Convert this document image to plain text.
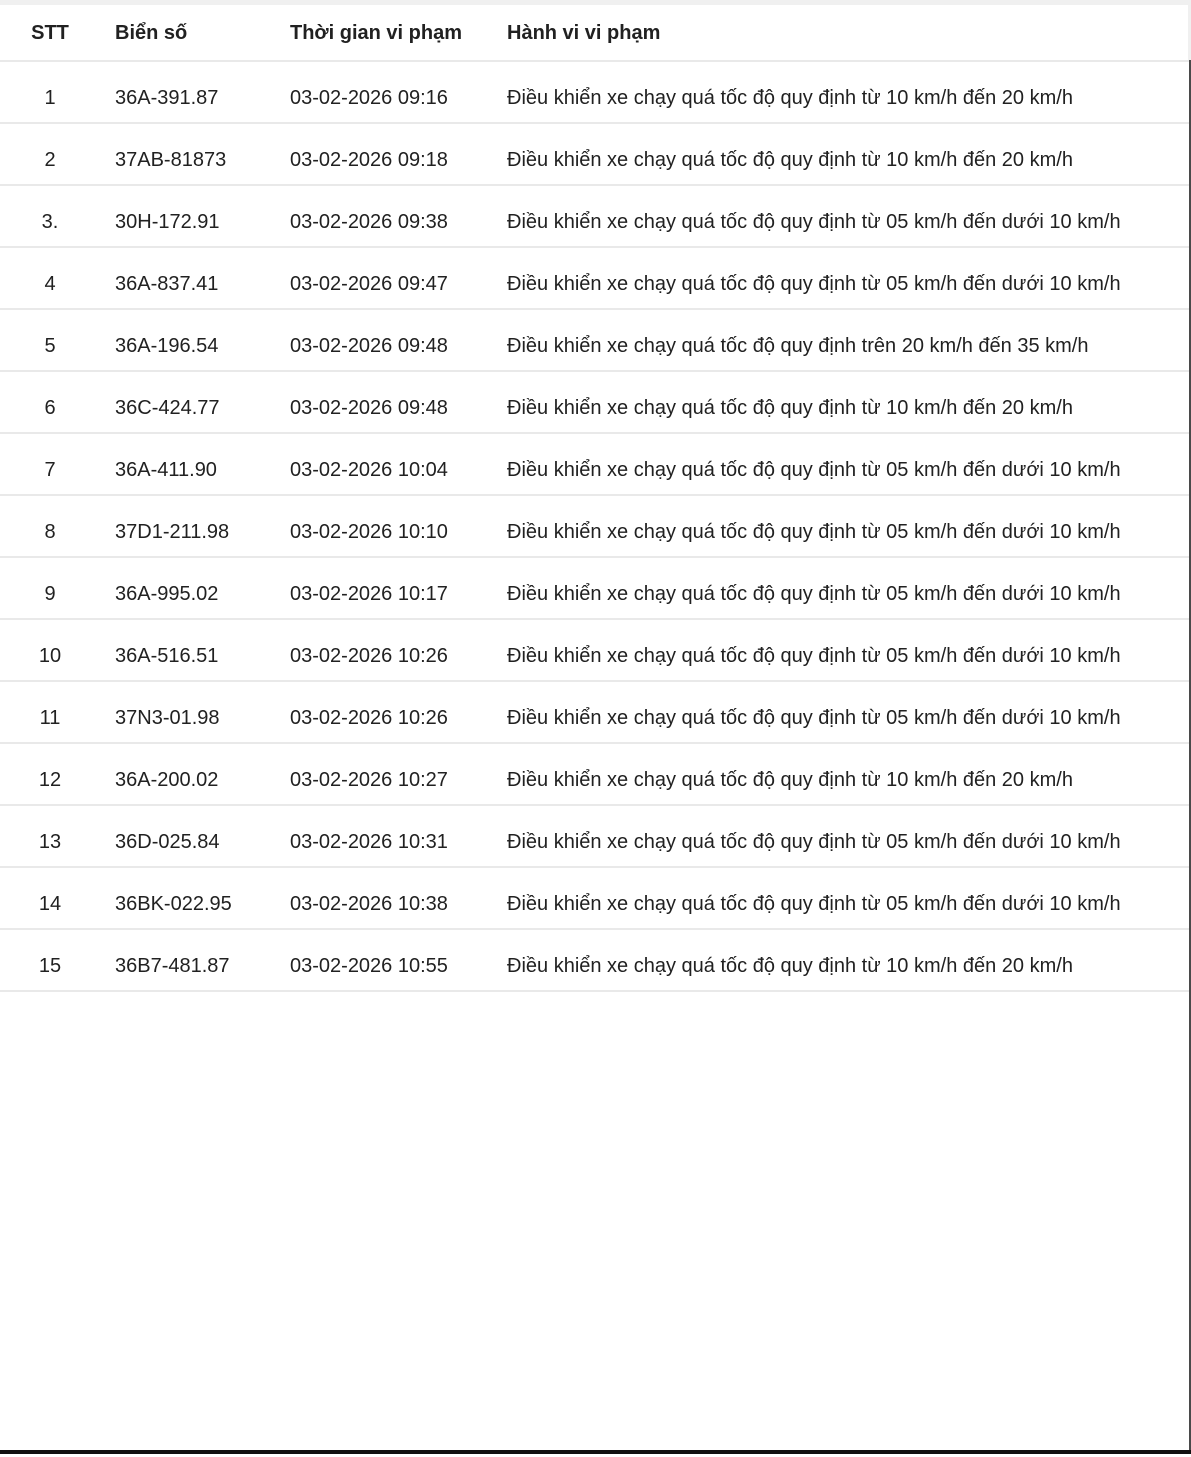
STT	Biển số	Thời gian vi phạm	Hành vi vi phạm
1	36A-391.87	03-02-2026 09:16	Điều khiển xe chạy quá tốc độ quy định từ 10 km/h đến 20 km/h
2	37AB-81873	03-02-2026 09:18	Điều khiển xe chạy quá tốc độ quy định từ 10 km/h đến 20 km/h
3.	30H-172.91	03-02-2026 09:38	Điều khiển xe chạy quá tốc độ quy định từ 05 km/h đến dưới 10 km/h
4	36A-837.41	03-02-2026 09:47	Điều khiển xe chạy quá tốc độ quy định từ 05 km/h đến dưới 10 km/h
5	36A-196.54	03-02-2026 09:48	Điều khiển xe chạy quá tốc độ quy định trên 20 km/h đến 35 km/h
6	36C-424.77	03-02-2026 09:48	Điều khiển xe chạy quá tốc độ quy định từ 10 km/h đến 20 km/h
7	36A-411.90	03-02-2026 10:04	Điều khiển xe chạy quá tốc độ quy định từ 05 km/h đến dưới 10 km/h
8	37D1-211.98	03-02-2026 10:10	Điều khiển xe chạy quá tốc độ quy định từ 05 km/h đến dưới 10 km/h
9	36A-995.02	03-02-2026 10:17	Điều khiển xe chạy quá tốc độ quy định từ 05 km/h đến dưới 10 km/h
10	36A-516.51	03-02-2026 10:26	Điều khiển xe chạy quá tốc độ quy định từ 05 km/h đến dưới 10 km/h
11	37N3-01.98	03-02-2026 10:26	Điều khiển xe chạy quá tốc độ quy định từ 05 km/h đến dưới 10 km/h
12	36A-200.02	03-02-2026 10:27	Điều khiển xe chạy quá tốc độ quy định từ 10 km/h đến 20 km/h
13	36D-025.84	03-02-2026 10:31	Điều khiển xe chạy quá tốc độ quy định từ 05 km/h đến dưới 10 km/h
14	36BK-022.95	03-02-2026 10:38	Điều khiển xe chạy quá tốc độ quy định từ 05 km/h đến dưới 10 km/h
15	36B7-481.87	03-02-2026 10:55	Điều khiển xe chạy quá tốc độ quy định từ 10 km/h đến 20 km/h
